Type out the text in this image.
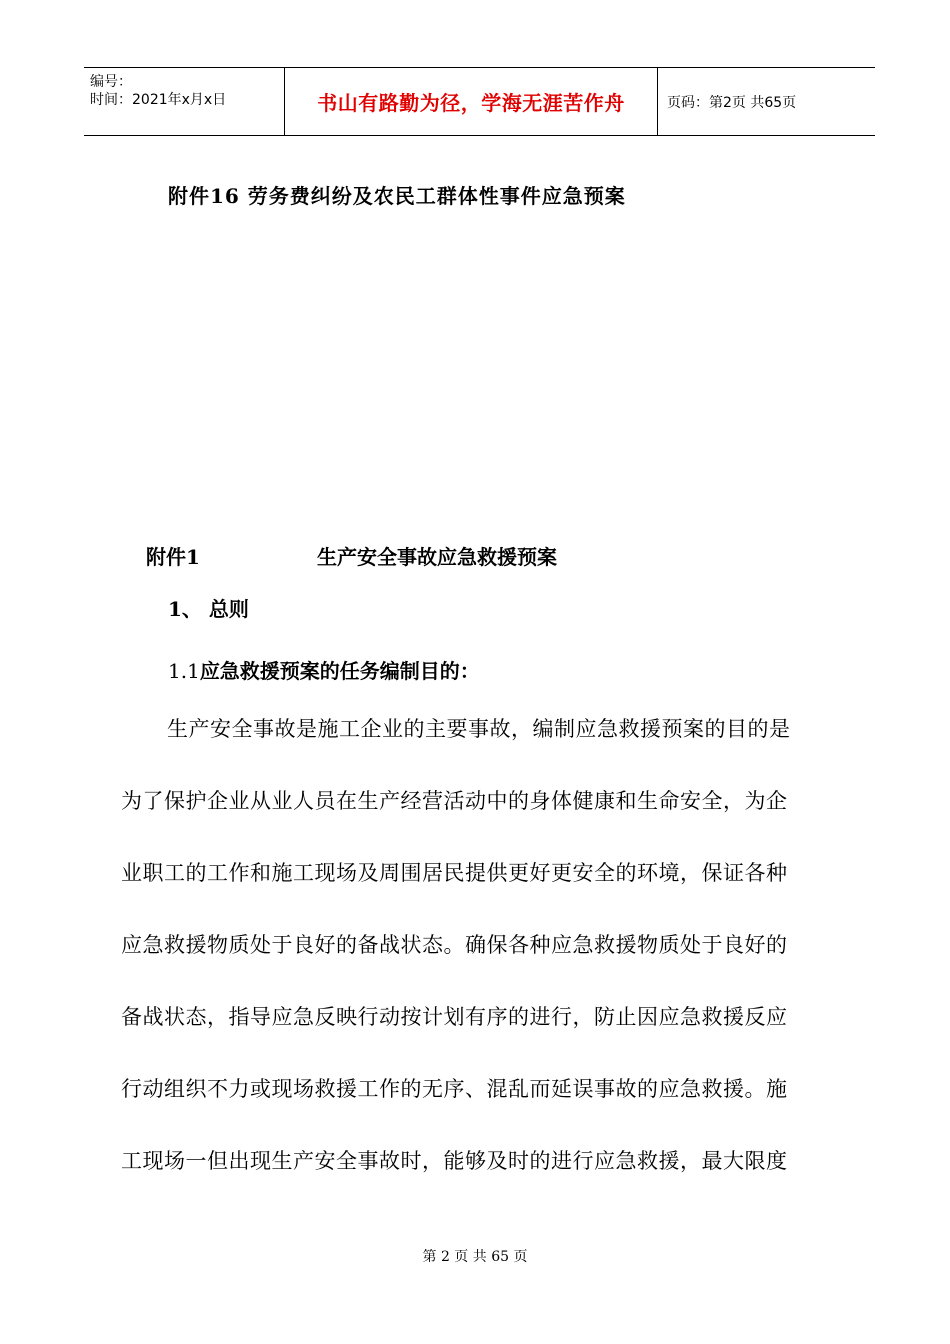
编号：
时间：2021年x月x日	书山有路勤为径，学海无涯苦作舟	页码：第2页 共65页
附件16 劳务费纠纷及农民工群体性事件应急预案
附件1	生产安全事故应急救援预案
1、 总则
1.1应急救援预案的任务编制目的：
生产安全事故是施工企业的主要事故，编制应急救援预案的目的是
为了保护企业从业人员在生产经营活动中的身体健康和生命安全，为企
业职工的工作和施工现场及周围居民提供更好更安全的环境，保证各种
应急救援物质处于良好的备战状态。确保各种应急救援物质处于良好的
备战状态，指导应急反映行动按计划有序的进行，防止因应急救援反应
行动组织不力或现场救援工作的无序、混乱而延误事故的应急救援。施
工现场一但出现生产安全事故时，能够及时的进行应急救援，最大限度
第 2 页 共 65 页
